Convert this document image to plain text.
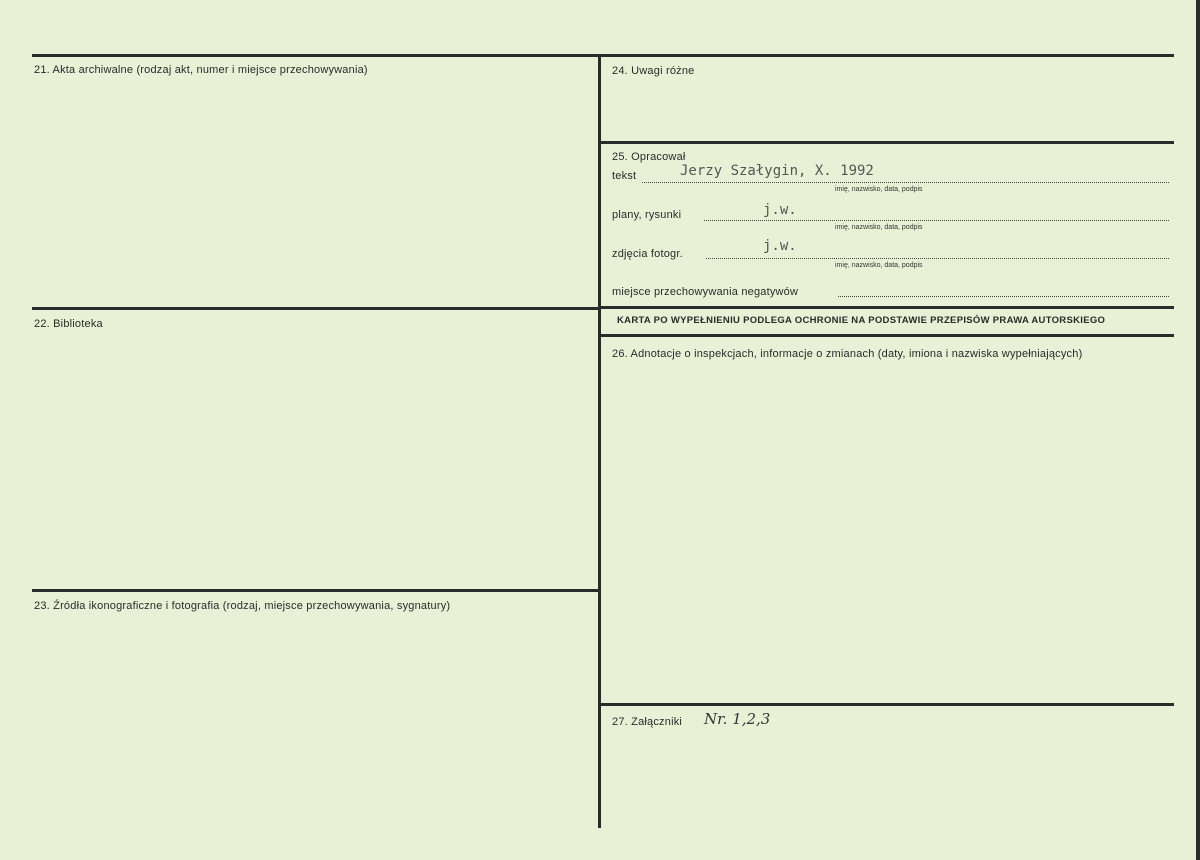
21. Akta archiwalne (rodzaj akt, numer i miejsce przechowywania)
22. Biblioteka
23. Źródła ikonograficzne i fotografia (rodzaj, miejsce przechowywania, sygnatury)
24. Uwagi różne
25. Opracował
26. Adnotacje o inspekcjach, informacje o zmianach (daty, imiona i nazwiska wypełniających)
27. Załączniki
tekst	Jerzy Szałygin, X. 1992
imię, nazwisko, data, podpis
plany, rysunki	j.w.
imię, nazwisko, data, podpis
zdjęcia fotogr.	j.w.
imię, nazwisko, data, podpis
miejsce przechowywania negatywów
KARTA PO WYPEŁNIENIU PODLEGA OCHRONIE NA PODSTAWIE PRZEPISÓW PRAWA AUTORSKIEGO
Nr. 1,2,3
